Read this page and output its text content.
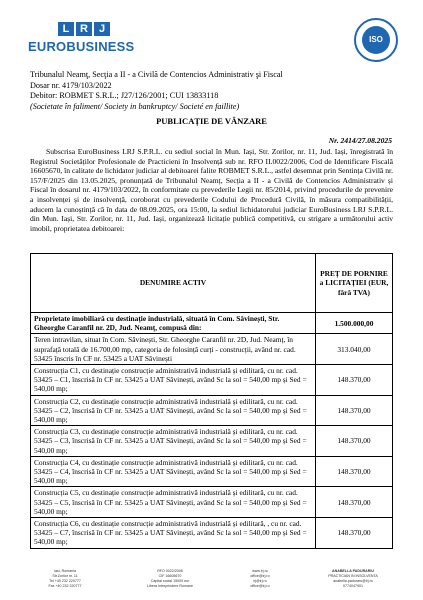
L R J
EUROBUSINESS	ISO
Tribunalul Neamţ, Secţia a II - a Civilă de Contencios Administrativ şi Fiscal
Dosar nr. 4179/103/2022
Debitor: ROBMET S.R.L.; J27/126/2001; CUI 13833118
(Societate în faliment/ Society in bankruptcy/ Societé en faillite)
PUBLICAȚIE DE VÂNZARE
Nr. 2414/27.08.2025
Subscrisa EuroBusiness LRJ S.P.R.L. cu sediul social în Mun. Iași, Str. Zorilor, nr. 11, Jud. Iași, înregistrată în Registrul Societăților Profesionale de Practicieni în Insolvență sub nr. RFO II.0022/2006, Cod de Identificare Fiscală 16605670, în calitate de lichidator judiciar al debitoarei falite ROBMET S.R.L., astfel desemnat prin Sentința Civilă nr. 157/F/2025 din 13.05.2025, pronunțată de Tribunalul Neamț, Secția a II - a Civilă de Contencios Administrativ și Fiscal în dosarul nr. 4179/103/2022, în conformitate cu prevederile Legii nr. 85/2014, privind procedurile de prevenire a insolvenței și de insolvență, coroborat cu prevederile Codului de Procedură Civilă, în măsura compatibilității, aducem la cunoștință că în data de 08.09.2025, ora 15:00, la sediul lichidatorului judiciar EuroBusiness LRJ S.P.R.L. din Mun. Iași, Str. Zorilor, nr. 11, Jud. Iași, organizează licitație publică competitivă, cu strigare a următorului activ imobil, proprietatea debitoarei:
DENUMIRE ACTIV	PREȚ DE PORNIRE a LICITAȚIEI (EUR, fără TVA)
Proprietate imobiliară cu destinație industrială, situată în Com. Săvinești, Str. Gheorghe Caranfil nr. 2D, Jud. Neamț, compusă din:	1.500.000,00
Teren intravilan, situat în Com. Săvinești, Str. Gheorghe Caranfil nr. 2D, Jud. Neamț, în suprafață totală de 16.700,00 mp, categoria de folosință curți - construcții, având nr. cad. 53425 înscris în CF nr. 53425 a UAT Săvinești	313.040,00
Construcția C1, cu destinație construcție administrativă industrială și edilitară, cu nr. cad. 53425 – C1, înscrisă în CF nr. 53425 a UAT Săvinești, având Sc la sol = 540,00 mp și Sed = 540,00 mp;	148.370,00
Construcția C2, cu destinație construcție administrativă industrială și edilitară, cu nr. cad. 53425 – C2, înscrisă în CF nr. 53425 a UAT Săvinești, având Sc la sol = 540,00 mp și Sed = 540,00 mp;	148.370,00
Construcția C3, cu destinație construcție administrativă industrială și edilitară, cu nr. cad. 53425 – C3, înscrisă în CF nr. 53425 a UAT Săvinești, având Sc la sol = 540,00 mp și Sed = 540,00 mp;	148.370,00
Construcția C4, cu destinație construcție administrativă industrială și edilitară, cu nr. cad. 53425 – C4, înscrisă în CF nr. 53425 a UAT Săvinești, având Sc la sol = 540,00 mp și Sed = 540,00 mp;	148.370,00
Construcția C5, cu destinație construcție administrativă industrială și edilitară, cu nr. cad. 53425 – C5, înscrisă în CF nr. 53425 a UAT Săvinești, având Sc la sol = 540,00 mp și Sed = 540,00 mp;	148.370,00
Construcția C6, cu destinație construcție administrativă industrială și edilitară, , cu nr. cad. 53425 – C7, înscrisă în CF nr. 53425 a UAT Săvinești, având Sc la sol = 540,00 mp și Sed = 540,00 mp;	148.370,00
Iasi, Romania
Str.Zorilor nr. 11
Tel +40 232 220777
Fax +40 232 220777
RFO 0022/2006
CIF 16605670
Capital social 15000 eur
Libera Intreprindere Romane
www.lrj.ro
office@lrj.ro
lrj@lrj.ro
office@lrj.ro
ANABELLA PADURARIU
PRACTICIAN IN INSOLVENTA
anabella.paduraru@lrj.ro
0774047901
